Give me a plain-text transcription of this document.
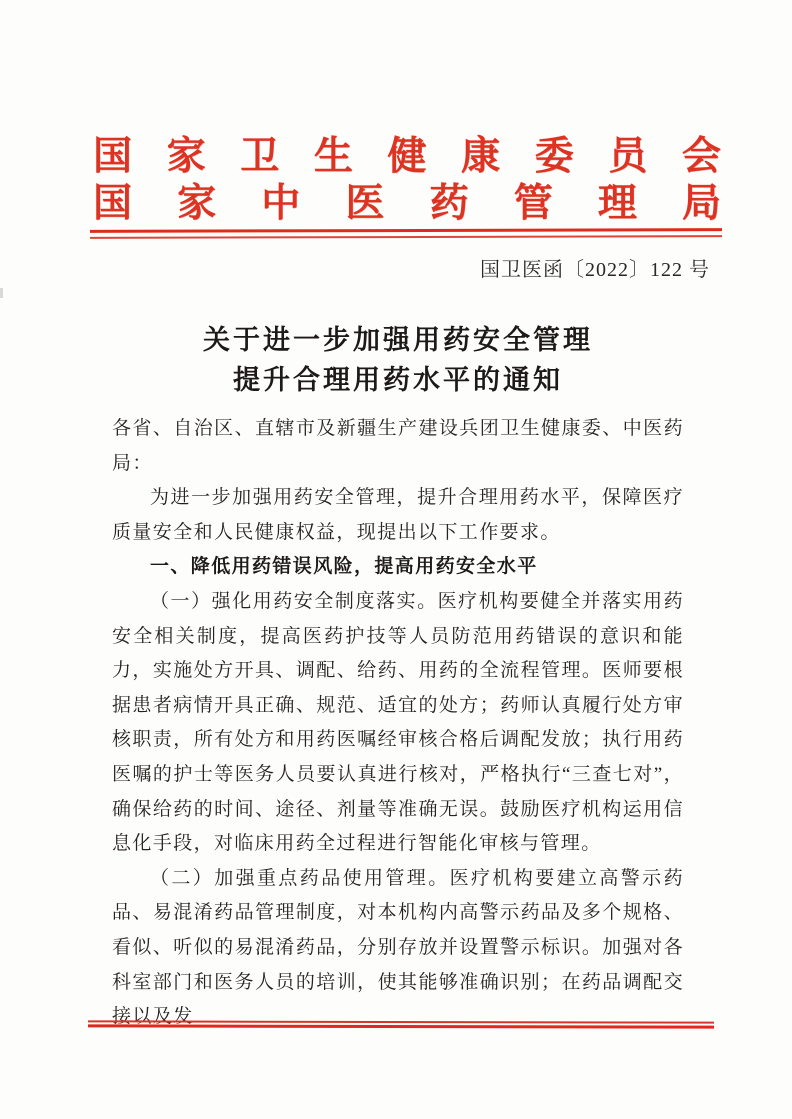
国 家 卫 生 健 康 委 员 会
国 家 中 医 药 管 理 局
国卫医函〔2022〕122 号
关于进一步加强用药安全管理
提升合理用药水平的通知

各省、自治区、直辖市及新疆生产建设兵团卫生健康委、中医药局：

为进一步加强用药安全管理，提升合理用药水平，保障医疗质量安全和人民健康权益，现提出以下工作要求。

一、降低用药错误风险，提高用药安全水平

（一）强化用药安全制度落实。医疗机构要健全并落实用药安全相关制度，提高医药护技等人员防范用药错误的意识和能力，实施处方开具、调配、给药、用药的全流程管理。医师要根据患者病情开具正确、规范、适宜的处方；药师认真履行处方审核职责，所有处方和用药医嘱经审核合格后调配发放；执行用药医嘱的护士等医务人员要认真进行核对，严格执行“三查七对”，确保给药的时间、途径、剂量等准确无误。鼓励医疗机构运用信息化手段，对临床用药全过程进行智能化审核与管理。

（二）加强重点药品使用管理。医疗机构要建立高警示药品、易混淆药品管理制度，对本机构内高警示药品及多个规格、看似、听似的易混淆药品，分别存放并设置警示标识。加强对各科室部门和医务人员的培训，使其能够准确识别；在药品调配交接以及发
